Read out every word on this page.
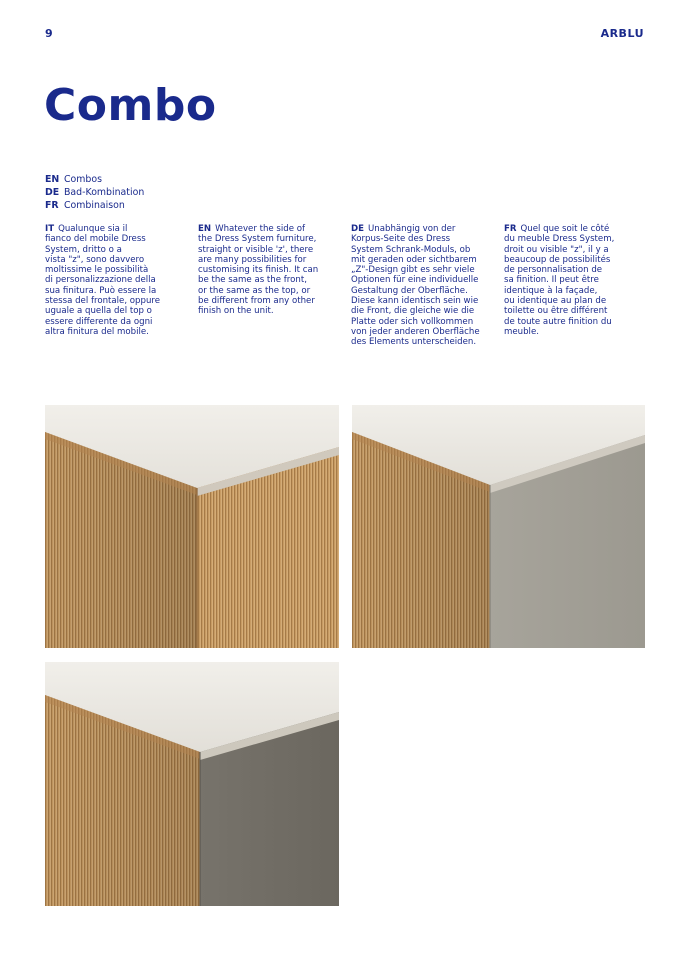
9	ARBLU
Combo
EN Combos
DE Bad-Kombination
FR Combinaison
IT Qualunque sia il
fianco del mobile Dress
System, dritto o a
vista "z", sono davvero
moltissime le possibilità
di personalizzazione della
sua finitura. Può essere la
stessa del frontale, oppure
uguale a quella del top o
essere differente da ogni
altra finitura del mobile.
EN Whatever the side of
the Dress System furniture,
straight or visible 'z', there
are many possibilities for
customising its finish. It can
be the same as the front,
or the same as the top, or
be different from any other
finish on the unit.
DE Unabhängig von der
Korpus-Seite des Dress
System Schrank-Moduls, ob
mit geraden oder sichtbarem
„Z"-Design gibt es sehr viele
Optionen für eine individuelle
Gestaltung der Oberfläche.
Diese kann identisch sein wie
die Front, die gleiche wie die
Platte oder sich vollkommen
von jeder anderen Oberfläche
des Elements unterscheiden.
FR Quel que soit le côté
du meuble Dress System,
droit ou visible "z", il y a
beaucoup de possibilités
de personnalisation de
sa finition. Il peut être
identique à la façade,
ou identique au plan de
toilette ou être différent
de toute autre finition du
meuble.
